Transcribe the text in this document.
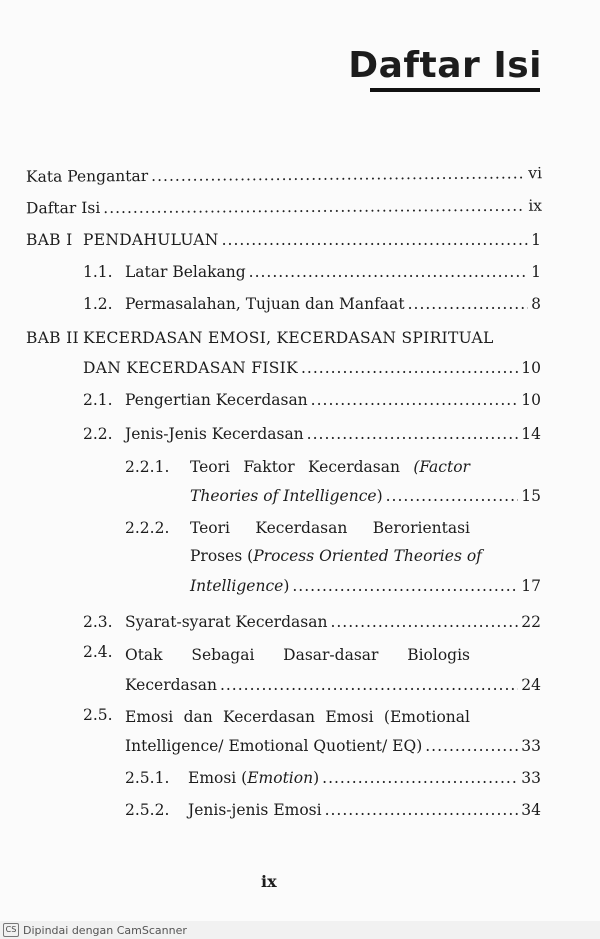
Daftar Isi
Kata Pengantar .....	vi
Daftar Isi .....	ix
BAB I PENDAHULUAN .....	1
1.1. Latar Belakang .....	1
1.2. Permasalahan, Tujuan dan Manfaat .....	8
BAB II KECERDASAN EMOSI, KECERDASAN SPIRITUAL
DAN KECERDASAN FISIK .....	10
2.1. Pengertian Kecerdasan .....	10
2.2. Jenis-Jenis Kecerdasan .....	14
2.2.1. Teori Faktor Kecerdasan (Factor
Theories of Intelligence) .....	15
2.2.2. Teori Kecerdasan Berorientasi
Proses (Process Oriented Theories of
Intelligence) .....	17
2.3. Syarat-syarat Kecerdasan .....	22
2.4. Otak Sebagai Dasar-dasar Biologis
Kecerdasan .....	24
2.5. Emosi dan Kecerdasan Emosi (Emotional
Intelligence/ Emotional Quotient/ EQ) .....	33
2.5.1. Emosi (Emotion) .....	33
2.5.2. Jenis-jenis Emosi .....	34
ix
CS Dipindai dengan CamScanner
